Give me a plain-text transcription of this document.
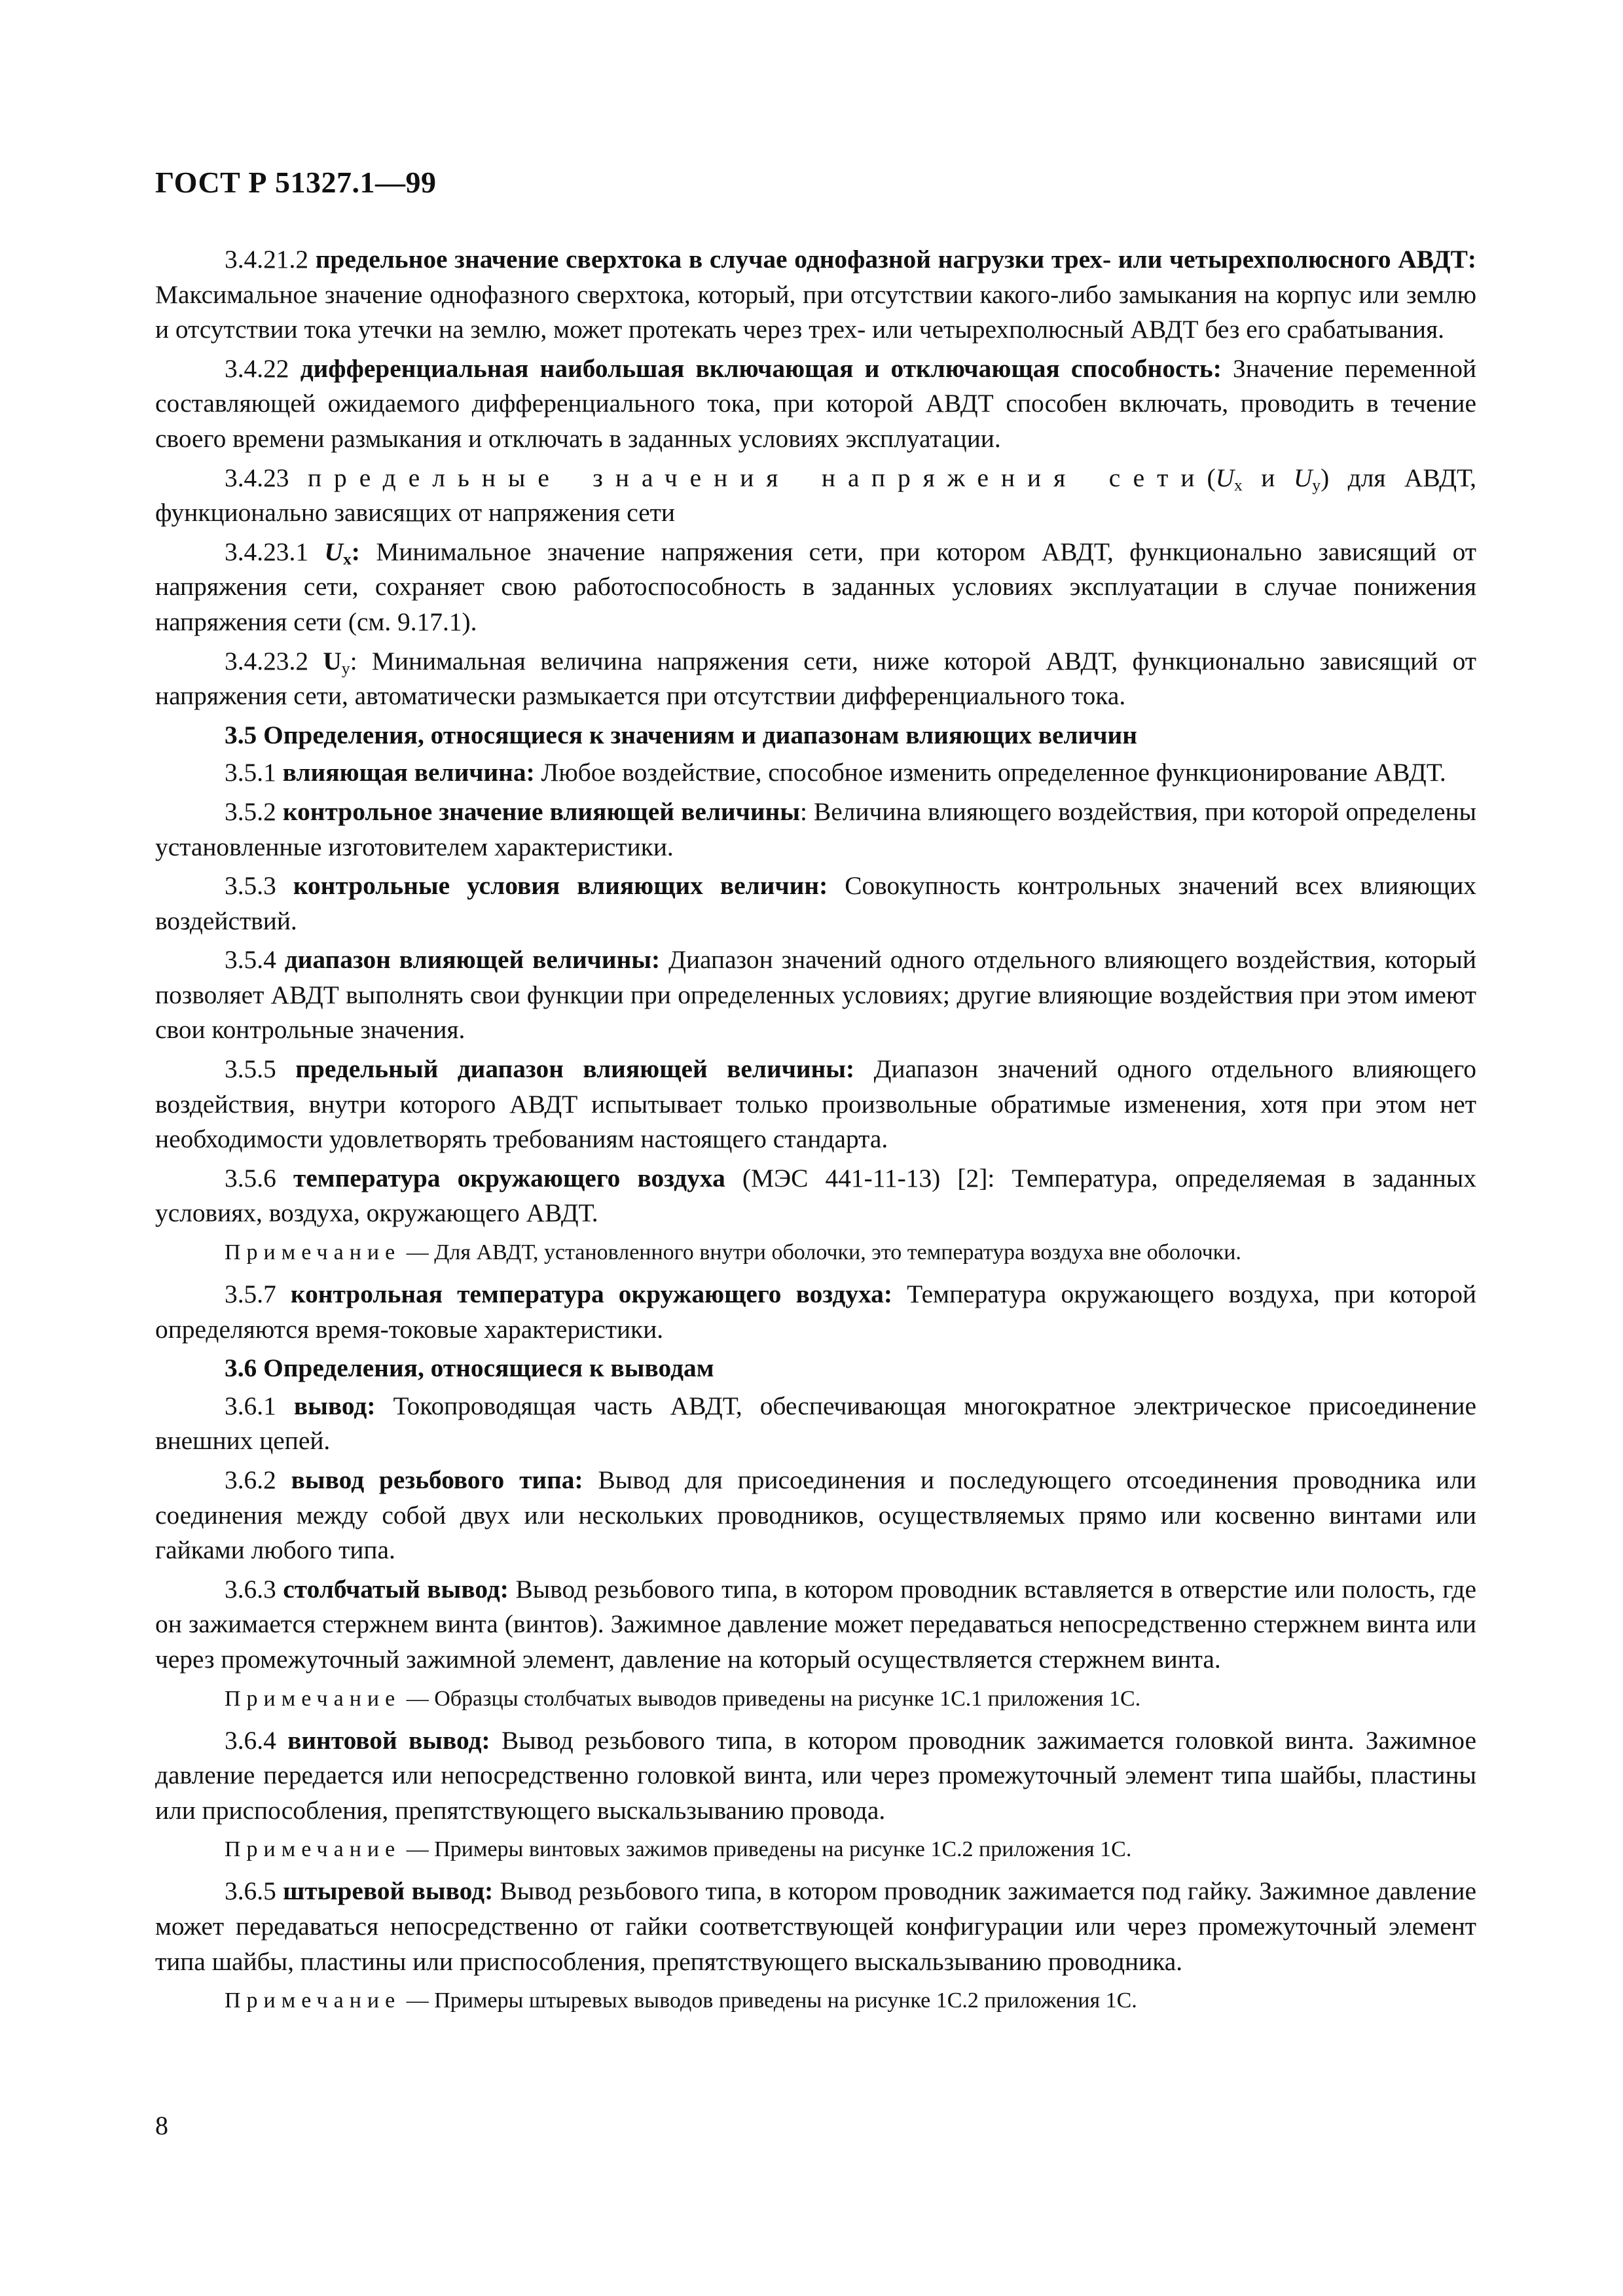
ГОСТ Р 51327.1—99

3.4.21.2 предельное значение сверхтока в случае однофазной нагрузки трех- или четырехполюсного АВДТ: Максимальное значение однофазного сверхтока, который, при отсутствии какого-либо замыкания на корпус или землю и отсутствии тока утечки на землю, может протекать через трех- или четырехполюсный АВДТ без его срабатывания.

3.4.22 дифференциальная наибольшая включающая и отключающая способность: Значение переменной составляющей ожидаемого дифференциального тока, при которой АВДТ способен включать, проводить в течение своего времени размыкания и отключать в заданных условиях эксплуатации.

3.4.23 предельные значения напряжения $сети(U_x$ и $U_y$) для АВДТ, функционально зависящих от напряжения сети

3.4.23.1 $U_x$: Минимальное значение напряжения сети, при котором АВДТ, функционально зависящий от напряжения сети, сохраняет свою работоспособность в заданных условиях эксплуатации в случае понижения напряжения сети (см. 9.17.1).

3.4.23.2 $U_y$: Минимальная величина напряжения сети, ниже которой АВДТ, функционально зависящий от напряжения сети, автоматически размыкается при отсутствии дифференциального тока.

3.5 Определения, относящиеся к значениям и диапазонам влияющих величин

3.5.1 влияющая величина: Любое воздействие, способное изменить определенное функционирование АВДТ.

3.5.2 контрольное значение влияющей величины: Величина влияющего воздействия, при которой определены установленные изготовителем характеристики.

3.5.3 контрольные условия влияющих величин: Совокупность контрольных значений всех влияющих воздействий.

3.5.4 диапазон влияющей величины: Диапазон значений одного отдельного влияющего воздействия, который позволяет АВДТ выполнять свои функции при определенных условиях; другие влияющие воздействия при этом имеют свои контрольные значения.

3.5.5 предельный диапазон влияющей величины: Диапазон значений одного отдельного влияющего воздействия, внутри которого АВДТ испытывает только произвольные обратимые изменения, хотя при этом нет необходимости удовлетворять требованиям настоящего стандарта.

3.5.6 температура окружающего воздуха (МЭС 441-11-13) [2]: Температура, определяемая в заданных условиях, воздуха, окружающего АВДТ.

Примечание — Для АВДТ, установленного внутри оболочки, это температура воздуха вне оболочки.

3.5.7 контрольная температура окружающего воздуха: Температура окружающего воздуха, при которой определяются время-токовые характеристики.

3.6 Определения, относящиеся к выводам

3.6.1 вывод: Токопроводящая часть АВДТ, обеспечивающая многократное электрическое присоединение внешних цепей.

3.6.2 вывод резьбового типа: Вывод для присоединения и последующего отсоединения проводника или соединения между собой двух или нескольких проводников, осуществляемых прямо или косвенно винтами или гайками любого типа.

3.6.3 столбчатый вывод: Вывод резьбового типа, в котором проводник вставляется в отверстие или полость, где он зажимается стержнем винта (винтов). Зажимное давление может передаваться непосредственно стержнем винта или через промежуточный зажимной элемент, давление на который осуществляется стержнем винта.

Примечание — Образцы столбчатых выводов приведены на рисунке 1С.1 приложения 1С.

3.6.4 винтовой вывод: Вывод резьбового типа, в котором проводник зажимается головкой винта. Зажимное давление передается или непосредственно головкой винта, или через промежуточный элемент типа шайбы, пластины или приспособления, препятствующего выскальзыванию провода.

Примечание — Примеры винтовых зажимов приведены на рисунке 1С.2 приложения 1С.

3.6.5 штыревой вывод: Вывод резьбового типа, в котором проводник зажимается под гайку. Зажимное давление может передаваться непосредственно от гайки соответствующей конфигурации или через промежуточный элемент типа шайбы, пластины или приспособления, препятствующего выскальзыванию проводника.

Примечание — Примеры штыревых выводов приведены на рисунке 1С.2 приложения 1С.

8
